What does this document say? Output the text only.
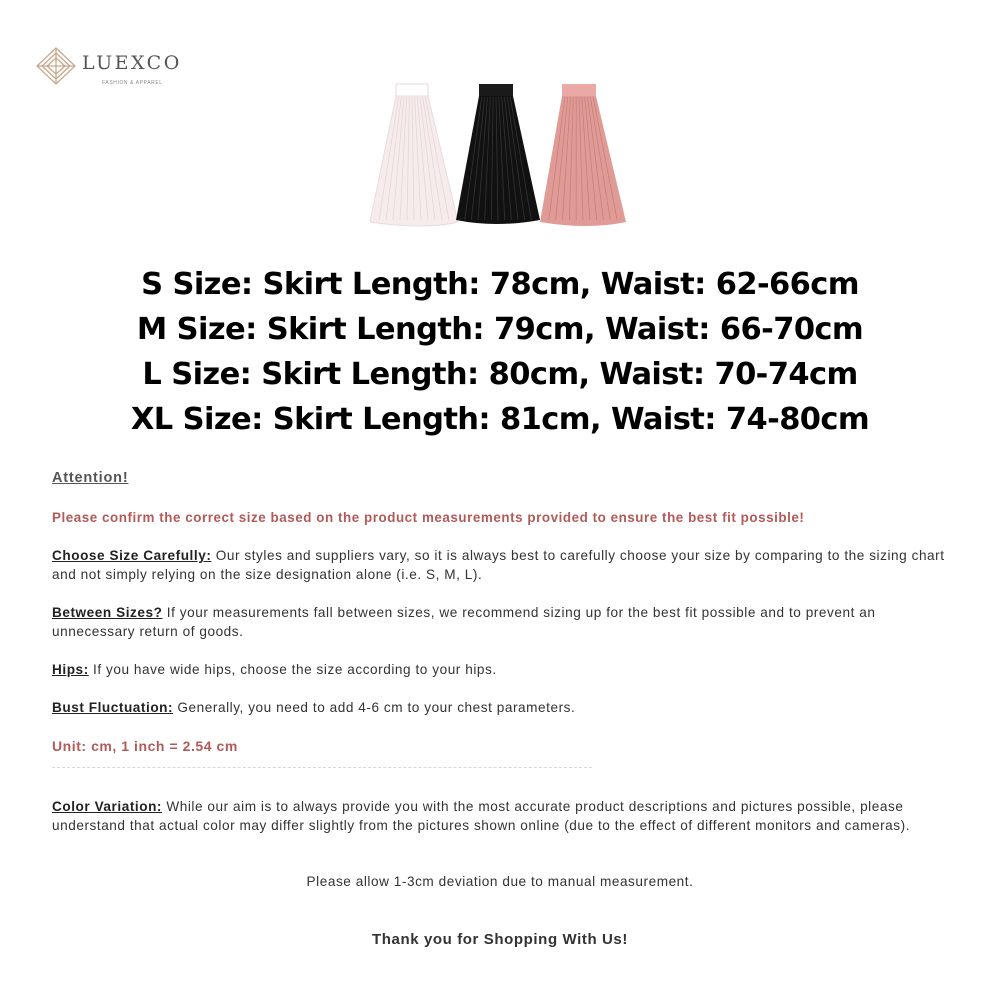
LUEXCO
FASHION & APPAREL
S Size: Skirt Length: 78cm, Waist: 62-66cm
M Size: Skirt Length: 79cm, Waist: 66-70cm
L Size: Skirt Length: 80cm, Waist: 70-74cm
XL Size: Skirt Length: 81cm, Waist: 74-80cm
Attention!
Please confirm the correct size based on the product measurements provided to ensure the best fit possible!
Choose Size Carefully: Our styles and suppliers vary, so it is always best to carefully choose your size by comparing to the sizing chart and not simply relying on the size designation alone (i.e. S, M, L).
Between Sizes? If your measurements fall between sizes, we recommend sizing up for the best fit possible and to prevent an unnecessary return of goods.
Hips: If you have wide hips, choose the size according to your hips.
Bust Fluctuation: Generally, you need to add 4-6 cm to your chest parameters.
Unit: cm, 1 inch = 2.54 cm
Color Variation: While our aim is to always provide you with the most accurate product descriptions and pictures possible, please understand that actual color may differ slightly from the pictures shown online (due to the effect of different monitors and cameras).
Please allow 1-3cm deviation due to manual measurement.
Thank you for Shopping With Us!
